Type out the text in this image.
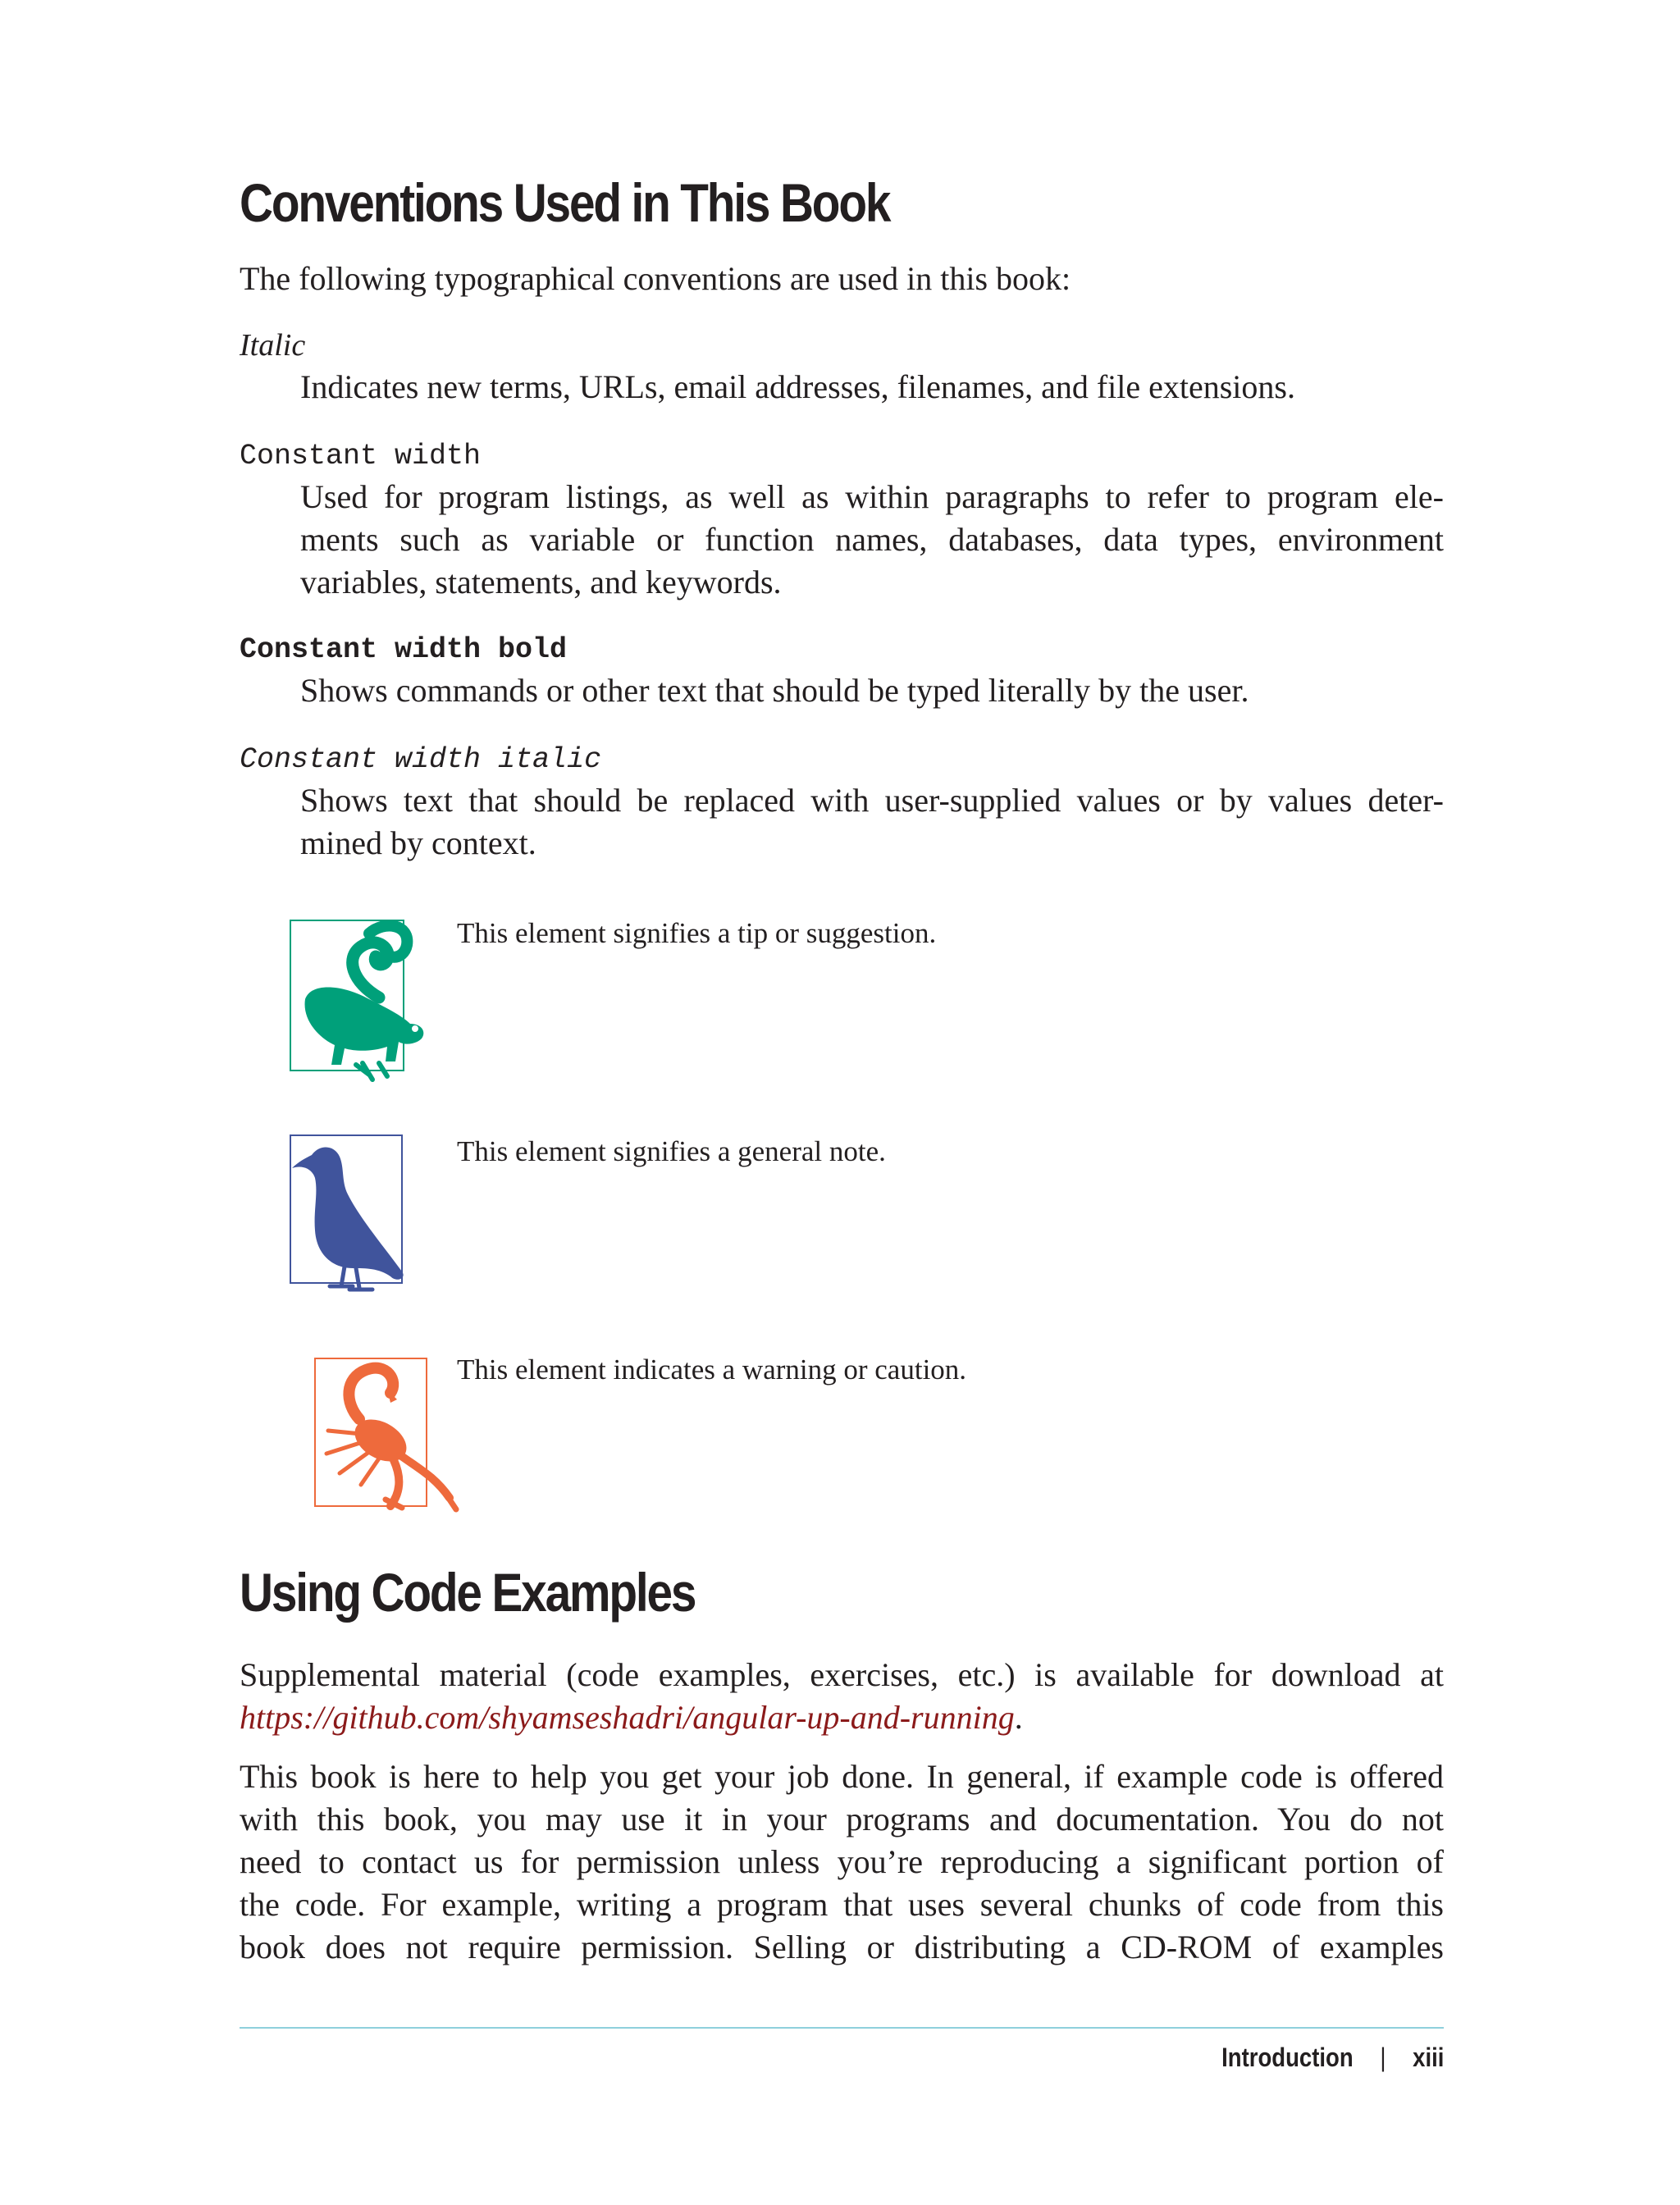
Conventions Used in This Book

The following typographical conventions are used in this book:

Italic

Indicates new terms, URLs, email addresses, filenames, and file extensions.

Constant width

Used for program listings, as well as within paragraphs to refer to program ele-
ments such as variable or function names, databases, data types, environment
variables, statements, and keywords.

Constant width bold

Shows commands or other text that should be typed literally by the user.

Constant width italic

Shows text that should be replaced with user-supplied values or by values deter-
mined by context.

This element signifies a tip or suggestion.

This element signifies a general note.

This element indicates a warning or caution.

Using Code Examples

Supplemental material (code examples, exercises, etc.) is available for download at
https://github.com/shyamseshadri/angular-up-and-running.

This book is here to help you get your job done. In general, if example code is offered
with this book, you may use it in your programs and documentation. You do not
need to contact us for permission unless you’re reproducing a significant portion of
the code. For example, writing a program that uses several chunks of code from this
book does not require permission. Selling or distributing a CD-ROM of examples

Introduction | xiii
